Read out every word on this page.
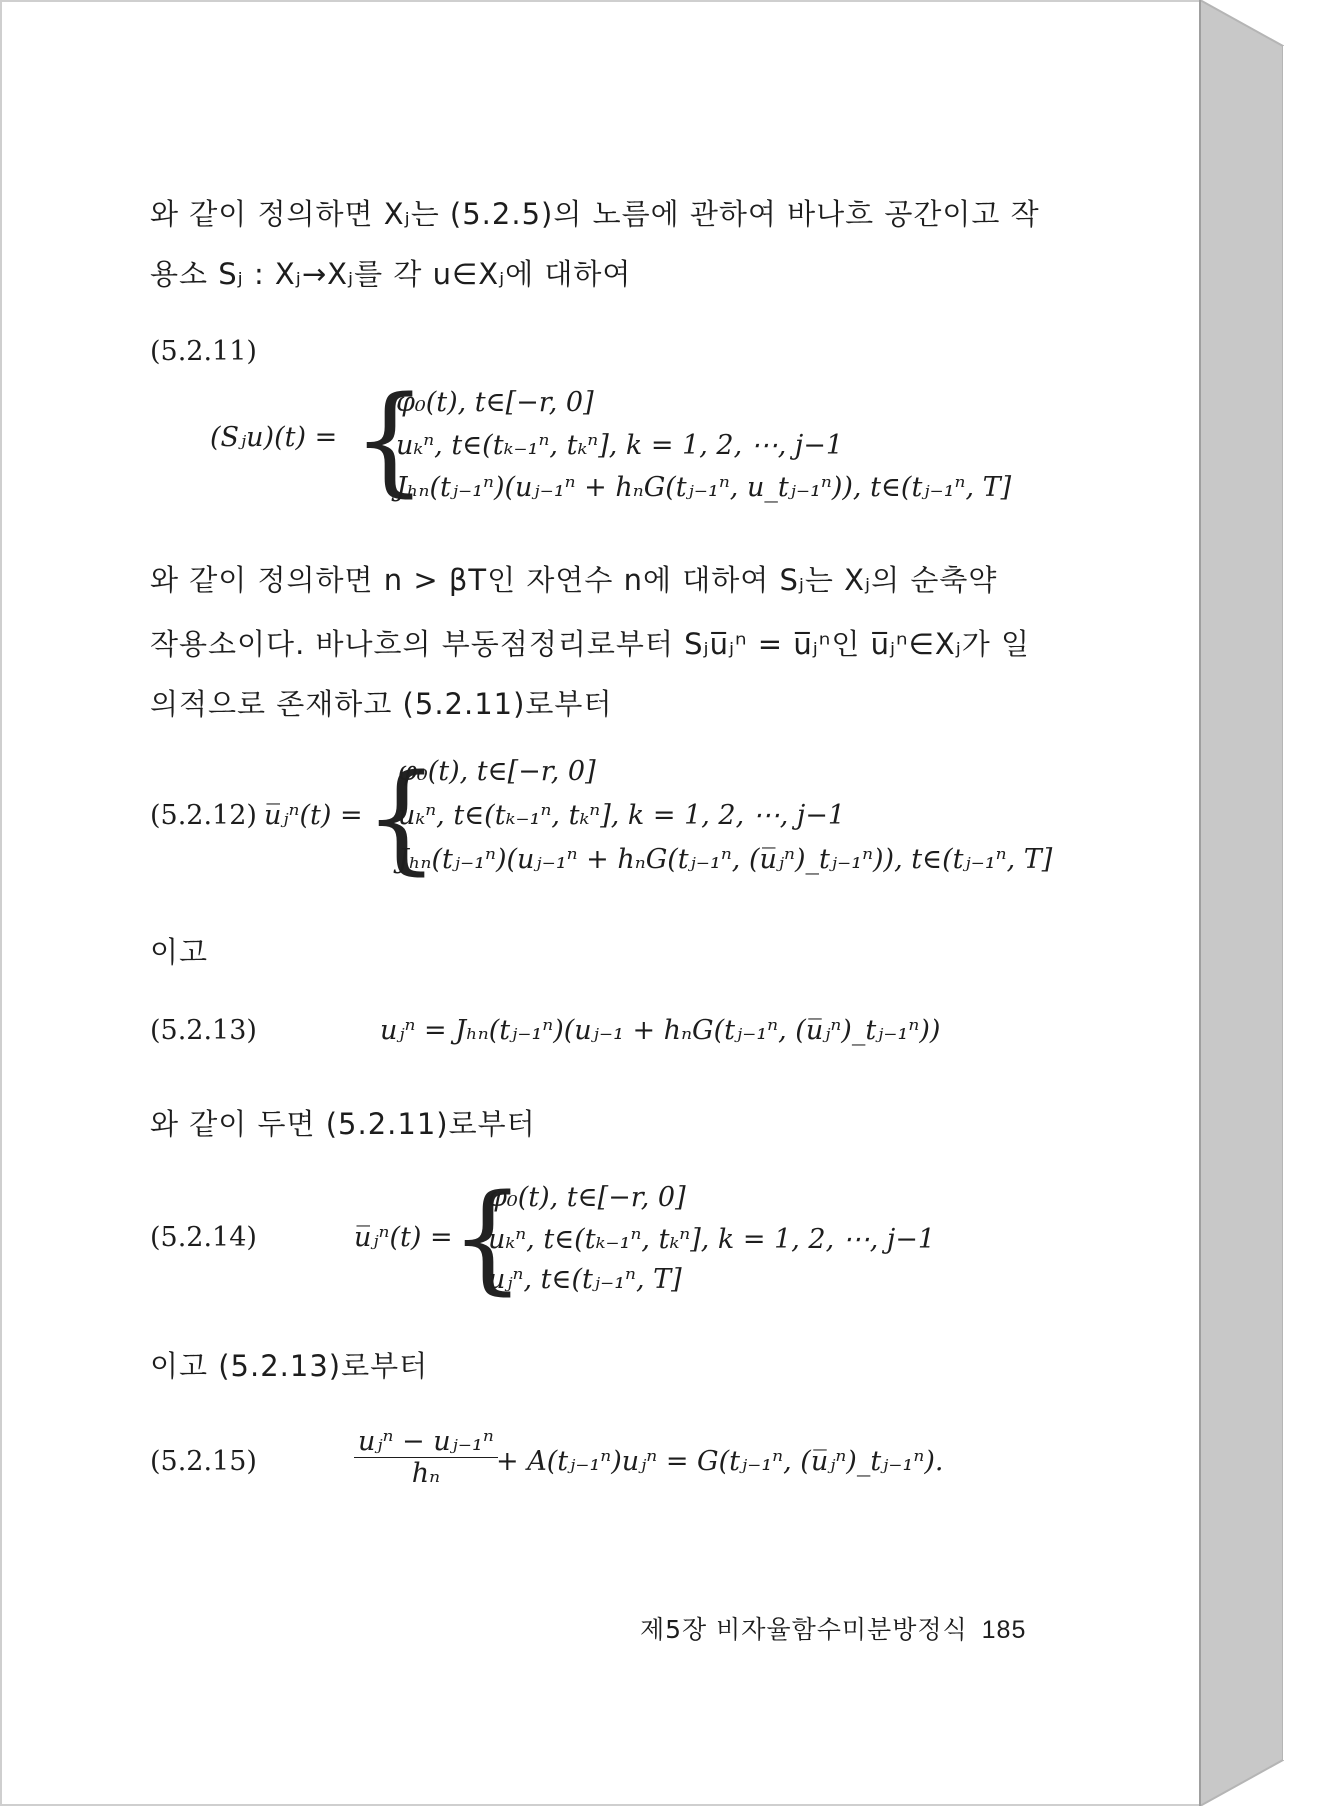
와 같이 정의하면 Xⱼ는 (5.2.5)의 노름에 관하여 바나흐 공간이고 작
용소 Sⱼ : Xⱼ→Xⱼ를 각 u∈Xⱼ에 대하여
(5.2.11)
(Sⱼu)(t) = {
φ₀(t), t∈[−r, 0]
uₖⁿ, t∈(tₖ₋₁ⁿ, tₖⁿ], k = 1, 2, ⋯, j−1
Jₕₙ(tⱼ₋₁ⁿ)(uⱼ₋₁ⁿ + hₙG(tⱼ₋₁ⁿ, u_tⱼ₋₁ⁿ)), t∈(tⱼ₋₁ⁿ, T]
와 같이 정의하면 n > βT인 자연수 n에 대하여 Sⱼ는 Xⱼ의 순축약
작용소이다. 바나흐의 부동점정리로부터 Sⱼu̅ⱼⁿ = u̅ⱼⁿ인 u̅ⱼⁿ∈Xⱼ가 일
의적으로 존재하고 (5.2.11)로부터
(5.2.12) u̅ⱼⁿ(t) = {
φ₀(t), t∈[−r, 0]
uₖⁿ, t∈(tₖ₋₁ⁿ, tₖⁿ], k = 1, 2, ⋯, j−1
Jₕₙ(tⱼ₋₁ⁿ)(uⱼ₋₁ⁿ + hₙG(tⱼ₋₁ⁿ, (u̅ⱼⁿ)_tⱼ₋₁ⁿ)), t∈(tⱼ₋₁ⁿ, T]
이고
(5.2.13)	uⱼⁿ = Jₕₙ(tⱼ₋₁ⁿ)(uⱼ₋₁ + hₙG(tⱼ₋₁ⁿ, (u̅ⱼⁿ)_tⱼ₋₁ⁿ))
와 같이 두면 (5.2.11)로부터
(5.2.14)	u̅ⱼⁿ(t) =
{
φ₀(t), t∈[−r, 0]
uₖⁿ, t∈(tₖ₋₁ⁿ, tₖⁿ], k = 1, 2, ⋯, j−1
uⱼⁿ, t∈(tⱼ₋₁ⁿ, T]
이고 (5.2.13)로부터
(5.2.15)
uⱼⁿ − uⱼ₋₁ⁿ
hₙ	+ A(tⱼ₋₁ⁿ)uⱼⁿ = G(tⱼ₋₁ⁿ, (u̅ⱼⁿ)_tⱼ₋₁ⁿ).
제5장 비자율함수미분방정식 185
